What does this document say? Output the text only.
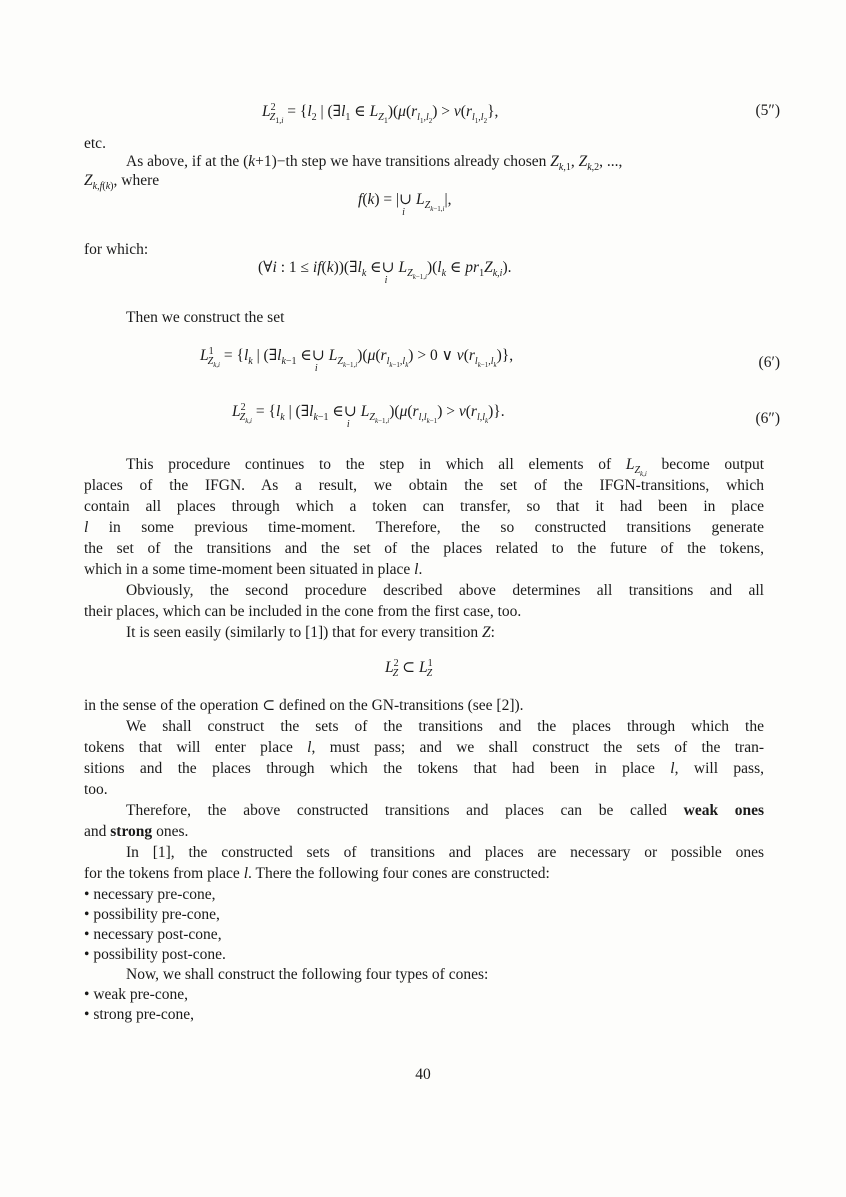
$L^2_{Z_{1,i}} = \{l_2$ | ($\exists l_1$ ∈ $L_{Z_1})(\mu(r_{l_1,l_2}) > \nu(r_{l_1,l_2}\}$,	(5″)
etc.
As above, if at the (k+1)−th step we have transitions already chosen $Z_{k,1}$, $Z_{k,2}$, ...,
$Z_{k,f(k)}$, where
f(k) = |∪
i
$L_{Z_{k-1,i}}|$,
for which:
(∀i : $1 \le if(k))(\exists l_k$ ∈∪
i
$L_{Z_{k-1,i}})(l_k$ ∈ $pr_1Z_{k,i}$).
Then we construct the set
$L^1_{Z_{k,i}} = \{l_k$ | ($\exists l_{k-1}$ ∈∪
i
$L_{Z_{k-1,i}})(\mu(r_{l_{k-1},l_k}) > 0$ ∨ $\nu(r_{l_{k-1},l_k})$},	(6′)
$L^2_{Z_{k,i}} = \{l_k$ | ($\exists l_{k-1}$ ∈∪
i
$L_{Z_{k-1,i}})(\mu(r_{l,l_{k-1}}) > \nu(r_{l,l_k})\}$.	(6″)
This procedure continues to the step in which all elements of $L_{Z_{k,i}}$ become output
places of the IFGN. As a result, we obtain the set of the IFGN-transitions, which
contain all places through which a token can transfer, so that it had been in place
l in some previous time-moment. Therefore, the so constructed transitions generate
the set of the transitions and the set of the places related to the future of the tokens,
which in a some time-moment been situated in place l.
Obviously, the second procedure described above determines all transitions and all
their places, which can be included in the cone from the first case, too.
It is seen easily (similarly to [1]) that for every transition Z:
$L^2_Z$ ⊂ $L^1_Z$
in the sense of the operation ⊂ defined on the GN-transitions (see [2]).
We shall construct the sets of the transitions and the places through which the
tokens that will enter place l, must pass; and we shall construct the sets of the tran-
sitions and the places through which the tokens that had been in place l, will pass,
too.
Therefore, the above constructed transitions and places can be called weak ones
and strong ones.
In [1], the constructed sets of transitions and places are necessary or possible ones
for the tokens from place l. There the following four cones are constructed:
• necessary pre-cone,
• possibility pre-cone,
• necessary post-cone,
• possibility post-cone.
Now, we shall construct the following four types of cones:
• weak pre-cone,
• strong pre-cone,
40
